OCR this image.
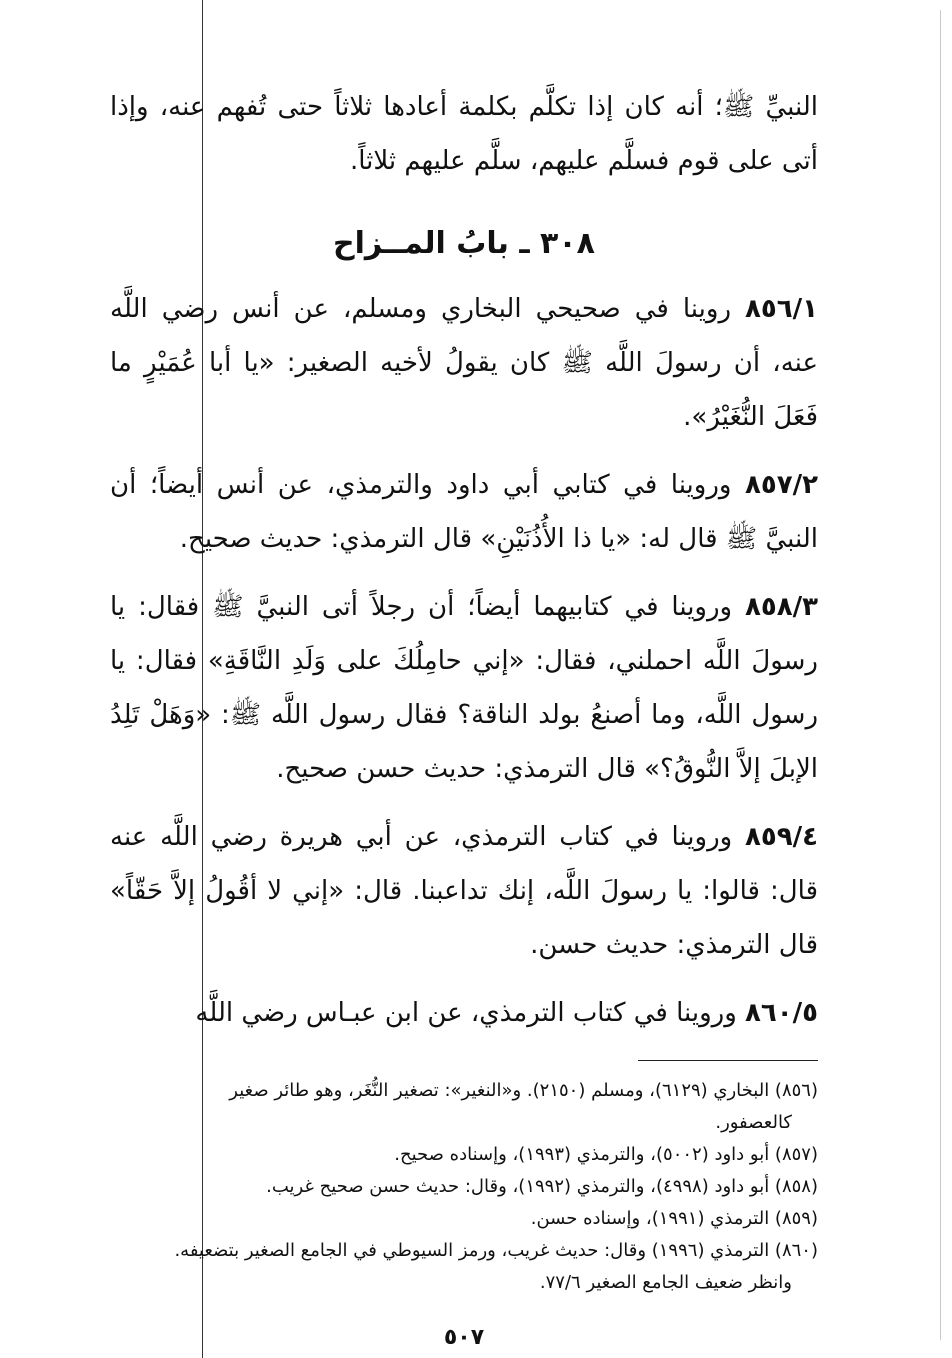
النبيِّ ﷺ؛ أنه كان إذا تكلَّم بكلمة أعادها ثلاثاً حتى تُفهم عنه، وإذا أتى على قوم فسلَّم عليهم، سلَّم عليهم ثلاثاً.

٣٠٨ ـ بابُ المــزاح

٨٥٦/١ روينا في صحيحي البخاري ومسلم، عن أنس رضي اللَّه عنه، أن رسولَ اللَّه ﷺ كان يقولُ لأخيه الصغير: «يا أبا عُمَيْرٍ ما فَعَلَ النُّغَيْرُ».

٨٥٧/٢ وروينا في كتابي أبي داود والترمذي، عن أنس أيضاً؛ أن النبيَّ ﷺ قال له: «يا ذا الأُذُنَيْنِ» قال الترمذي: حديث صحيح.

٨٥٨/٣ وروينا في كتابيهما أيضاً؛ أن رجلاً أتى النبيَّ ﷺ فقال: يا رسولَ اللَّه احملني، فقال: «إني حامِلُكَ على وَلَدِ النَّاقَةِ» فقال: يا رسول اللَّه، وما أصنعُ بولد الناقة؟ فقال رسول اللَّه ﷺ: «وَهَلْ تَلِدُ الإبلَ إلاَّ النُّوقُ؟» قال الترمذي: حديث حسن صحيح.

٨٥٩/٤ وروينا في كتاب الترمذي، عن أبي هريرة رضي اللَّه عنه قال: قالوا: يا رسولَ اللَّه، إنك تداعبنا. قال: «إني لا أقُولُ إلاَّ حَقّاً» قال الترمذي: حديث حسن.

٨٦٠/٥ وروينا في كتاب الترمذي، عن ابن عبـاس رضي اللَّه

(٨٥٦) البخاري (٦١٢٩)، ومسلم (٢١٥٠). و«النغير»: تصغير النُّغَر، وهو طائر صغير

كالعصفور.

(٨٥٧) أبو داود (٥٠٠٢)، والترمذي (١٩٩٣)، وإسناده صحيح.

(٨٥٨) أبو داود (٤٩٩٨)، والترمذي (١٩٩٢)، وقال: حديث حسن صحيح غريب.

(٨٥٩) الترمذي (١٩٩١)، وإسناده حسن.

(٨٦٠) الترمذي (١٩٩٦) وقال: حديث غريب، ورمز السيوطي في الجامع الصغير بتضعيفه.

وانظر ضعيف الجامع الصغير ٧٧/٦.

٥٠٧
